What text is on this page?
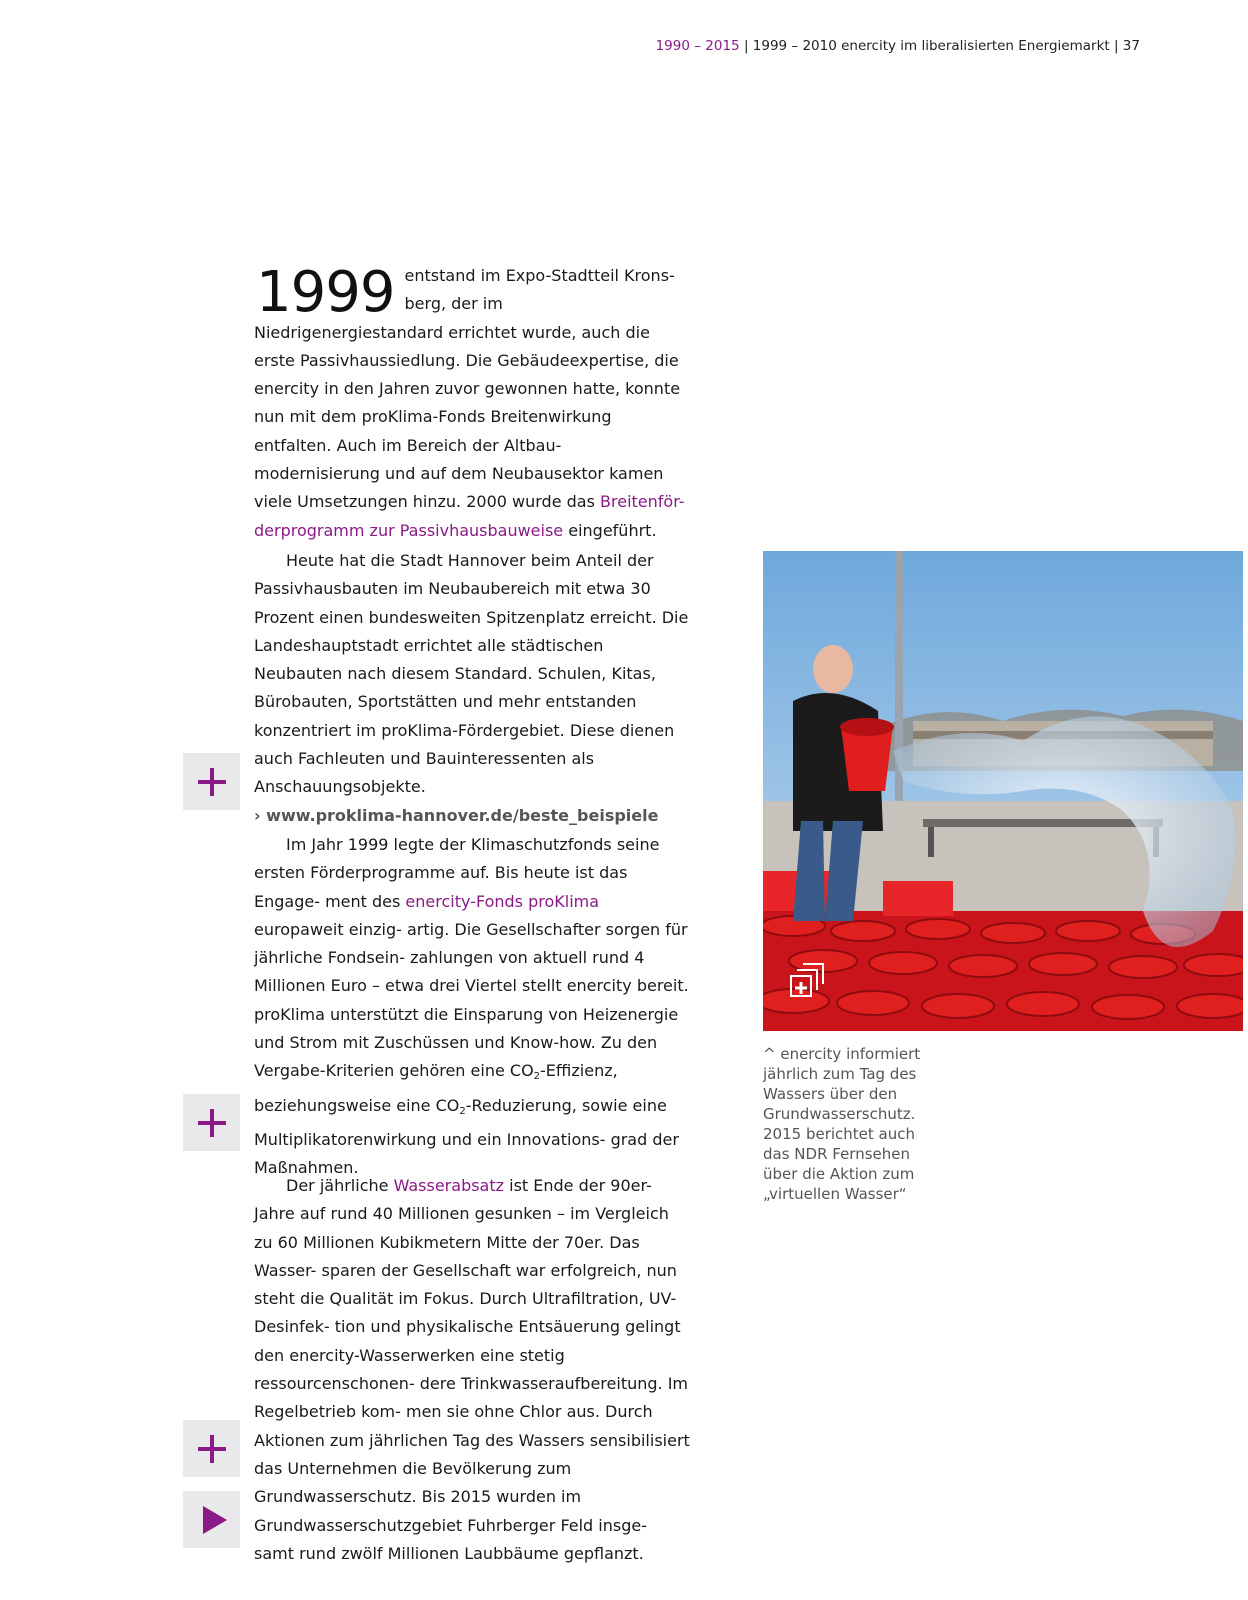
1990 – 2015 | 1999 – 2010 enercity im liberalisierten Energiemarkt | 37

1999 entstand im Expo-Stadtteil Krons- berg, der im Niedrigenergiestandard errichtet wurde, auch die erste Passivhaussiedlung. Die Gebäudeexpertise, die enercity in den Jahren zuvor gewonnen hatte, konnte nun mit dem proKlima-Fonds Breitenwirkung entfalten. Auch im Bereich der Altbau- modernisierung und auf dem Neubausektor kamen viele Umsetzungen hinzu. 2000 wurde das Breitenför- derprogramm zur Passivhausbauweise eingeführt.

Heute hat die Stadt Hannover beim Anteil der Passivhausbauten im Neubaubereich mit etwa 30 Prozent einen bundesweiten Spitzenplatz erreicht. Die Landeshauptstadt errichtet alle städtischen Neubauten nach diesem Standard. Schulen, Kitas, Bürobauten, Sportstätten und mehr entstanden konzentriert im proKlima-Fördergebiet. Diese dienen auch Fachleuten und Bauinteressenten als Anschauungsobjekte.

› www.proklima-hannover.de/beste_beispiele

Im Jahr 1999 legte der Klimaschutzfonds seine ersten Förderprogramme auf. Bis heute ist das Engage- ment des enercity-Fonds proKlima europaweit einzig- artig. Die Gesellschafter sorgen für jährliche Fondsein- zahlungen von aktuell rund 4 Millionen Euro – etwa drei Viertel stellt enercity bereit. proKlima unterstützt die Einsparung von Heizenergie und Strom mit Zuschüssen und Know-how. Zu den Vergabe-Kriterien gehören eine $CO_2$-Effizienz, beziehungsweise eine $CO_2$-Reduzierung, sowie eine Multiplikatorenwirkung und ein Innovations- grad der Maßnahmen.

Der jährliche Wasserabsatz ist Ende der 90er-Jahre auf rund 40 Millionen gesunken – im Vergleich zu 60 Millionen Kubikmetern Mitte der 70er. Das Wasser- sparen der Gesellschaft war erfolgreich, nun steht die Qualität im Fokus. Durch Ultrafiltration, UV-Desinfek- tion und physikalische Entsäuerung gelingt den enercity-Wasserwerken eine stetig ressourcenschonen- dere Trinkwasseraufbereitung. Im Regelbetrieb kom- men sie ohne Chlor aus. Durch Aktionen zum jährlichen Tag des Wassers sensibilisiert das Unternehmen die Bevölkerung zum Grundwasserschutz. Bis 2015 wurden im Grundwasserschutzgebiet Fuhrberger Feld insge- samt rund zwölf Millionen Laubbäume gepflanzt.

^ enercity informiert jährlich zum Tag des Wassers über den Grundwasserschutz. 2015 berichtet auch das NDR Fernsehen über die Aktion zum „virtuellen Wasser“
